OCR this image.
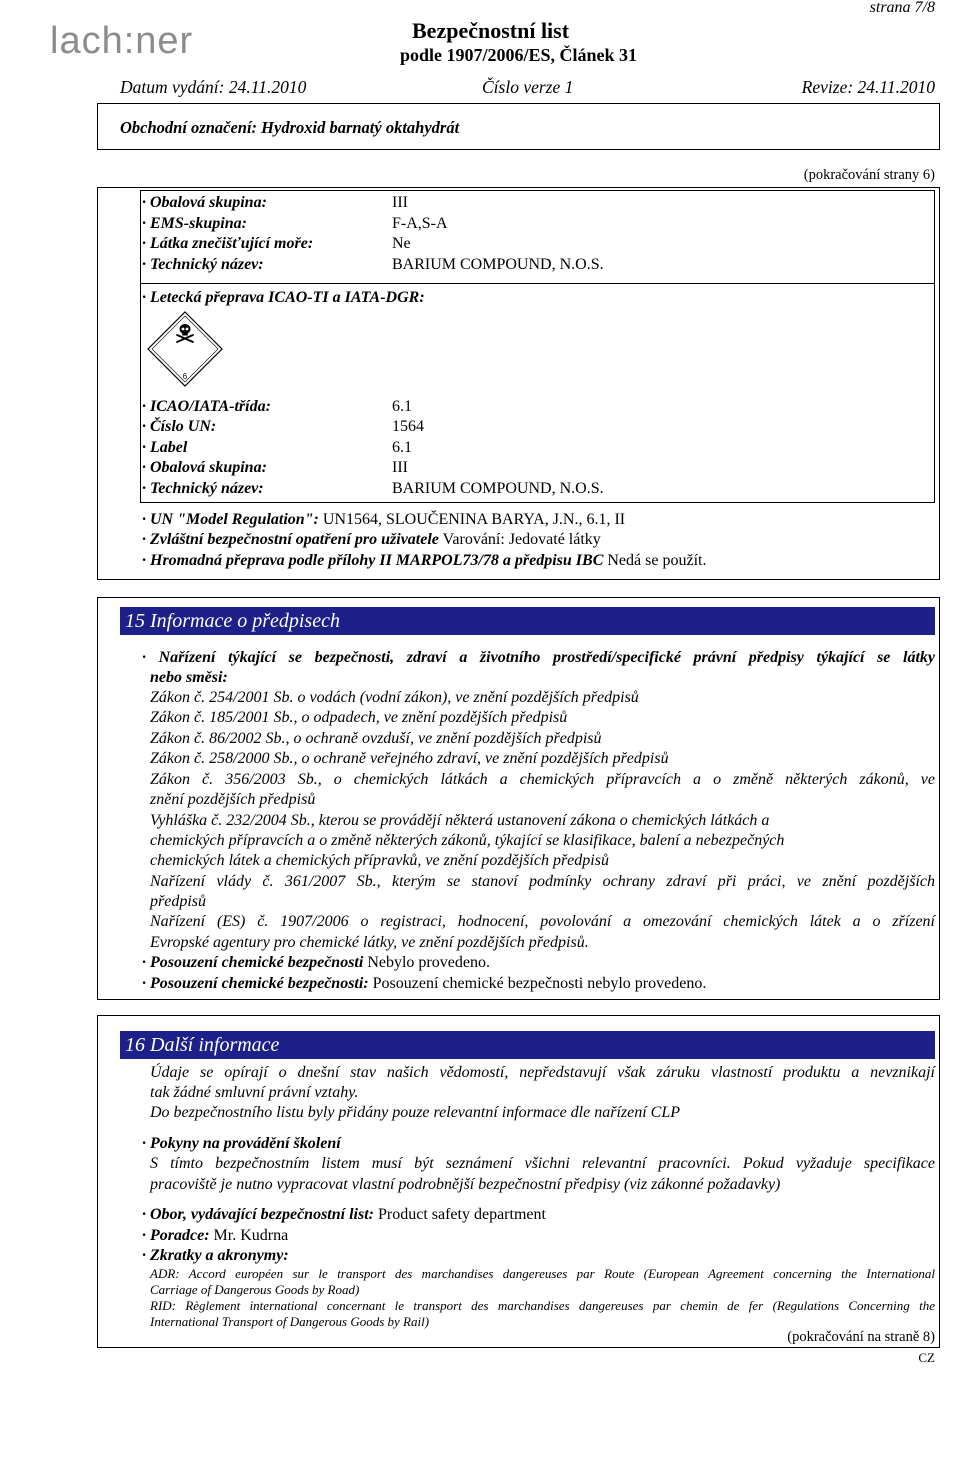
lach:ner
strana 7/8
Bezpečnostní list
podle 1907/2006/ES, Článek 31
Datum vydání: 24.11.2010	Číslo verze 1	Revize: 24.11.2010
Obchodní označení: Hydroxid barnatý oktahydrát
(pokračování strany 6)
· Obalová skupina:	III
· EMS-skupina:	F-A,S-A
· Látka znečišťující moře:	Ne
· Technický název:	BARIUM COMPOUND, N.O.S.
· Letecká přeprava ICAO-TI a IATA-DGR:
6
· ICAO/IATA-třída:	6.1
· Číslo UN:	1564
· Label	6.1
· Obalová skupina:	III
· Technický název:	BARIUM COMPOUND, N.O.S.
· UN "Model Regulation": UN1564, SLOUČENINA BARYA, J.N., 6.1, II
· Zvláštní bezpečnostní opatření pro uživatele Varování: Jedovaté látky
· Hromadná přeprava podle přílohy II MARPOL73/78 a předpisu IBC Nedá se použít.
15 Informace o předpisech
· Nařízení týkající se bezpečnosti, zdraví a životního prostředí/specifické právní předpisy týkající se látky
nebo směsi:
Zákon č. 254/2001 Sb. o vodách (vodní zákon), ve znění pozdějších předpisů
Zákon č. 185/2001 Sb., o odpadech, ve znění pozdějších předpisů
Zákon č. 86/2002 Sb., o ochraně ovzduší, ve znění pozdějších předpisů
Zákon č. 258/2000 Sb., o ochraně veřejného zdraví, ve znění pozdějších předpisů
Zákon č. 356/2003 Sb., o chemických látkách a chemických přípravcích a o změně některých zákonů, ve
znění pozdějších předpisů
Vyhláška č. 232/2004 Sb., kterou se provádějí některá ustanovení zákona o chemických látkách a
chemických přípravcích a o změně některých zákonů, týkající se klasifikace, balení a nebezpečných
chemických látek a chemických přípravků, ve znění pozdějších předpisů
Nařízení vlády č. 361/2007 Sb., kterým se stanoví podmínky ochrany zdraví při práci, ve znění pozdějších
předpisů
Nařízení (ES) č. 1907/2006 o registraci, hodnocení, povolování a omezování chemických látek a o zřízení
Evropské agentury pro chemické látky, ve znění pozdějších předpisů.
· Posouzení chemické bezpečnosti Nebylo provedeno.
· Posouzení chemické bezpečnosti: Posouzení chemické bezpečnosti nebylo provedeno.
16 Další informace
Údaje se opírají o dnešní stav našich vědomostí, nepředstavují však záruku vlastností produktu a nevznikají
tak žádné smluvní právní vztahy.
Do bezpečnostního listu byly přidány pouze relevantní informace dle nařízení CLP
· Pokyny na provádění školení
S tímto bezpečnostním listem musí být seznámení všichni relevantní pracovníci. Pokud vyžaduje specifikace
pracoviště je nutno vypracovat vlastní podrobnější bezpečnostní předpisy (viz zákonné požadavky)
· Obor, vydávající bezpečnostní list: Product safety department
· Poradce: Mr. Kudrna
· Zkratky a akronymy:
ADR: Accord européen sur le transport des marchandises dangereuses par Route (European Agreement concerning the International
Carriage of Dangerous Goods by Road)
RID: Règlement international concernant le transport des marchandises dangereuses par chemin de fer (Regulations Concerning the
International Transport of Dangerous Goods by Rail)
(pokračování na straně 8)
CZ
